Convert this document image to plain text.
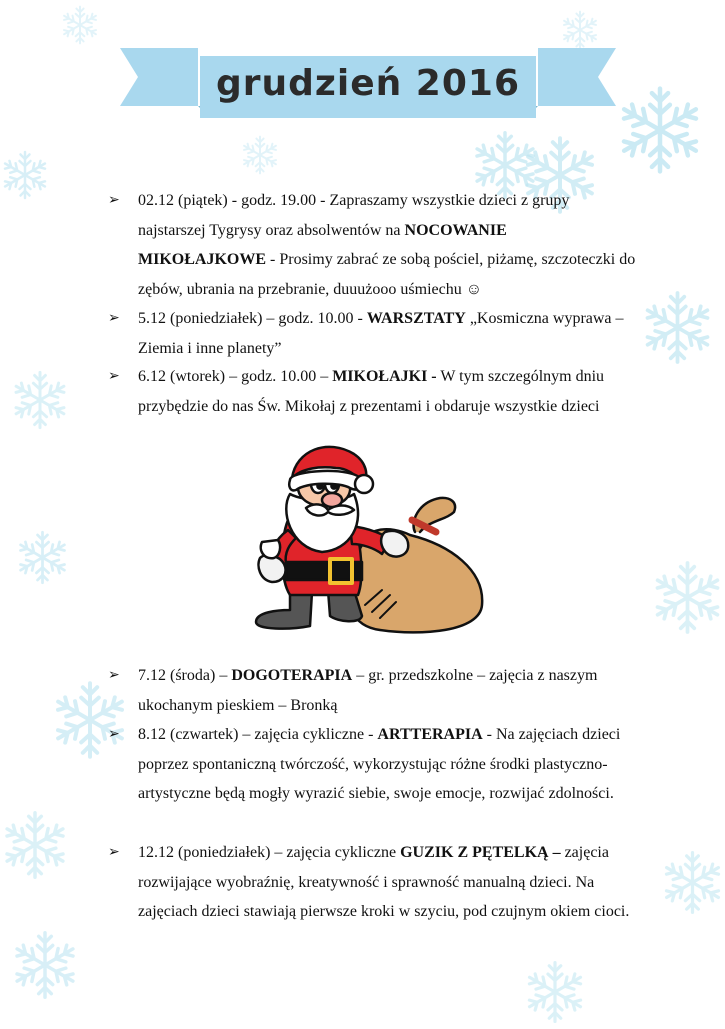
grudzień 2016
➢ 02.12 (piątek) - godz. 19.00 - Zapraszamy wszystkie dzieci z grupy najstarszej Tygrysy oraz absolwentów na NOCOWANIE MIKOŁAJKOWE - Prosimy zabrać ze sobą pościel, piżamę, szczoteczki do zębów, ubrania na przebranie, duuużooo uśmiechu ☺
➢ 5.12 (poniedziałek) – godz. 10.00 - WARSZTATY „Kosmiczna wyprawa – Ziemia i inne planety”
➢ 6.12 (wtorek) – godz. 10.00 – MIKOŁAJKI - W tym szczególnym dniu przybędzie do nas Św. Mikołaj z prezentami i obdaruje wszystkie dzieci
➢ 7.12 (środa) – DOGOTERAPIA – gr. przedszkolne – zajęcia z naszym ukochanym pieskiem – Bronką
➢ 8.12 (czwartek) – zajęcia cykliczne - ARTTERAPIA - Na zajęciach dzieci poprzez spontaniczną twórczość, wykorzystując różne środki plastyczno-artystyczne będą mogły wyrazić siebie, swoje emocje, rozwijać zdolności.
➢ 12.12 (poniedziałek) – zajęcia cykliczne GUZIK Z PĘTELKĄ – zajęcia rozwijające wyobraźnię, kreatywność i sprawność manualną dzieci. Na zajęciach dzieci stawiają pierwsze kroki w szyciu, pod czujnym okiem cioci.
